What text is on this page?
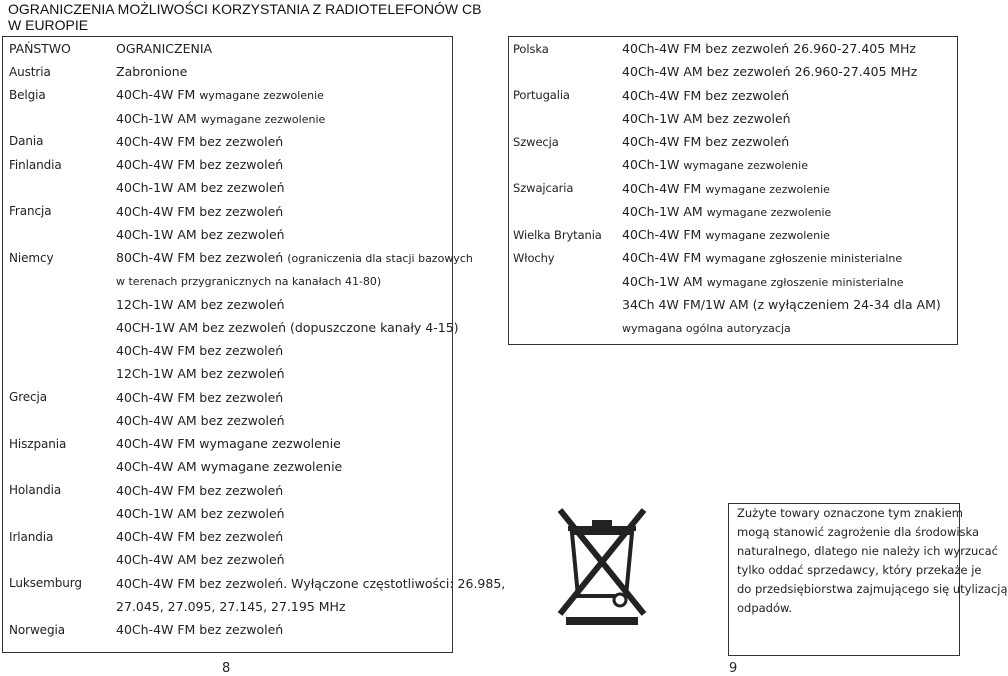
OGRANICZENIA MOŻLIWOŚCI KORZYSTANIA Z RADIOTELEFONÓW CB
W EUROPIE
PAŃSTWO	OGRANICZENIA
Austria	Zabronione
Belgia	40Ch-4W FM wymagane zezwolenie
40Ch-1W AM wymagane zezwolenie
Dania	40Ch-4W FM bez zezwoleń
Finlandia	40Ch-4W FM bez zezwoleń
40Ch-1W AM bez zezwoleń
Francja	40Ch-4W FM bez zezwoleń
40Ch-1W AM bez zezwoleń
Niemcy	80Ch-4W FM bez zezwoleń (ograniczenia dla stacji bazowych
w terenach przygranicznych na kanałach 41-80)
12Ch-1W AM bez zezwoleń
40CH-1W AM bez zezwoleń (dopuszczone kanały 4-15)
40Ch-4W FM bez zezwoleń
12Ch-1W AM bez zezwoleń
Grecja	40Ch-4W FM bez zezwoleń
40Ch-4W AM bez zezwoleń
Hiszpania	40Ch-4W FM wymagane zezwolenie
40Ch-4W AM wymagane zezwolenie
Holandia	40Ch-4W FM bez zezwoleń
40Ch-1W AM bez zezwoleń
Irlandia	40Ch-4W FM bez zezwoleń
40Ch-4W AM bez zezwoleń
Luksemburg	40Ch-4W FM bez zezwoleń. Wyłączone częstotliwości: 26.985,
27.045, 27.095, 27.145, 27.195 MHz
Norwegia	40Ch-4W FM bez zezwoleń
Polska	40Ch-4W FM bez zezwoleń 26.960-27.405 MHz
40Ch-4W AM bez zezwoleń 26.960-27.405 MHz
Portugalia	40Ch-4W FM bez zezwoleń
40Ch-1W AM bez zezwoleń
Szwecja	40Ch-4W FM bez zezwoleń
40Ch-1W wymagane zezwolenie
Szwajcaria	40Ch-4W FM wymagane zezwolenie
40Ch-1W AM wymagane zezwolenie
Wielka Brytania 40Ch-4W FM wymagane zezwolenie
Włochy	40Ch-4W FM wymagane zgłoszenie ministerialne
40Ch-1W AM wymagane zgłoszenie ministerialne
34Ch 4W FM/1W AM (z wyłączeniem 24-34 dla AM)
wymagana ogólna autoryzacja
Zużyte towary oznaczone tym znakiem
mogą stanowić zagrożenie dla środowiska
naturalnego, dlatego nie należy ich wyrzucać
tylko oddać sprzedawcy, który przekaże je
do przedsiębiorstwa zajmującego się utylizacją
odpadów.
8	9
